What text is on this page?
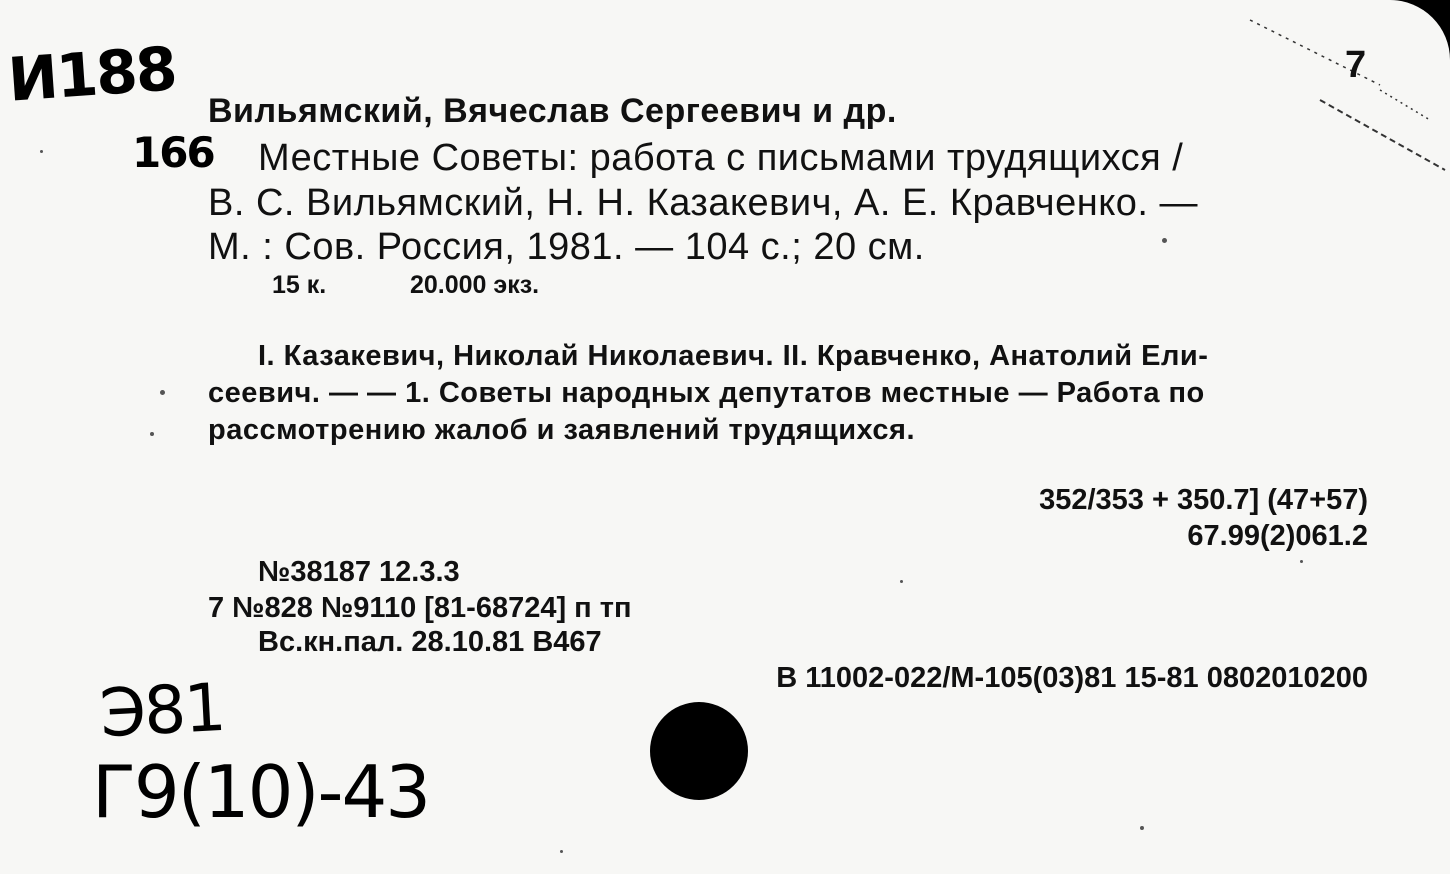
И188
166
7
Вильямский, Вячеслав Сергеевич и др.
Местные Советы: работа с письмами трудящихся /
В. С. Вильямский, Н. Н. Казакевич, А. Е. Кравченко. —
М. : Сов. Россия, 1981. — 104 с.; 20 см.
15 к.	20.000 экз.
I. Казакевич, Николай Николаевич. II. Кравченко, Анатолий Ели-
сеевич. — — 1. Советы народных депутатов местные — Работа по
рассмотрению жалоб и заявлений трудящихся.
352/353 + 350.7] (47+57)
67.99(2)061.2
№38187 12.3.3
7 №828 №9110 [81-68724] п тп
Вс.кн.пал. 28.10.81 В467
В 11002-022/М-105(03)81 15-81 0802010200
Э81
Г9(10)-43
